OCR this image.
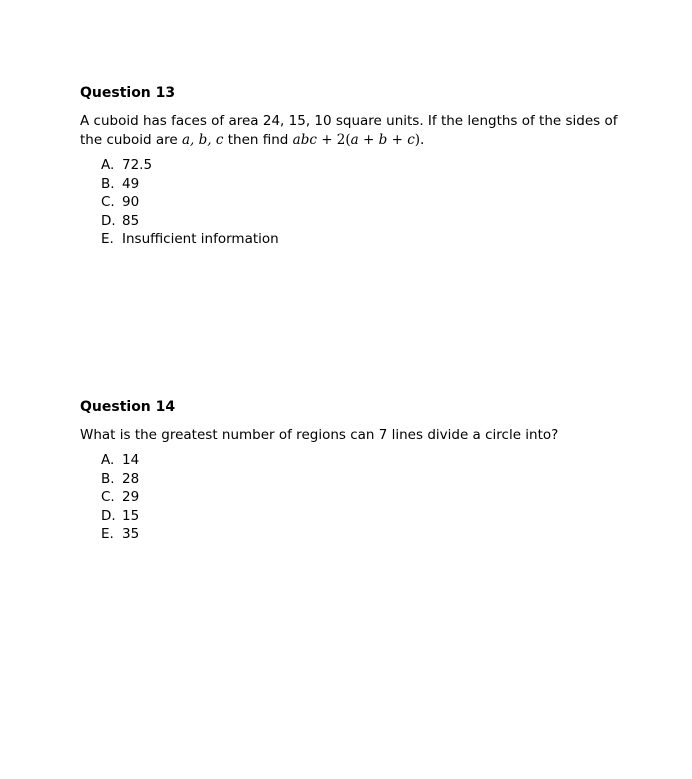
Question 13
A cuboid has faces of area 24, 15, 10 square units. If the lengths of the sides of the cuboid are a, b, c then find abc + 2(a + b + c).
A. 72.5
B. 49
C. 90
D. 85
E. Insufficient information
Question 14
What is the greatest number of regions can 7 lines divide a circle into?
A. 14
B. 28
C. 29
D. 15
E. 35
